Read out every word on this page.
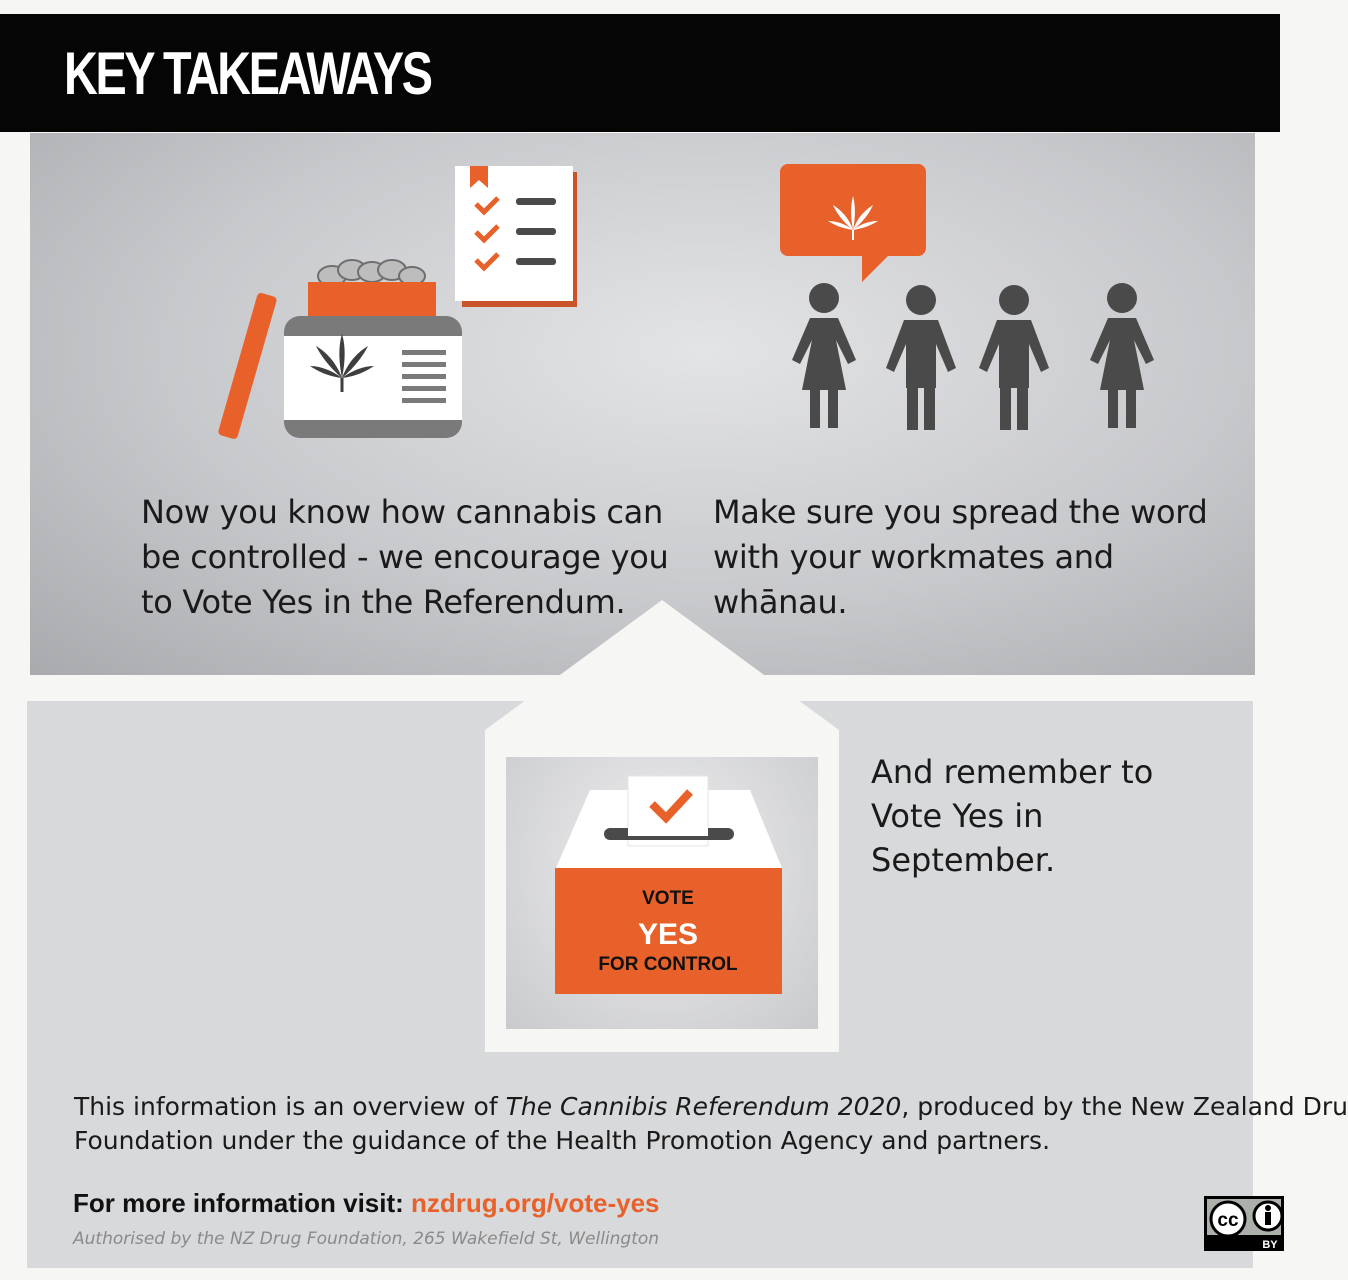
KEY TAKEAWAYS

Now you know how cannabis can be controlled - we encourage you to Vote Yes in the Referendum.

Make sure you spread the word with your workmates and whānau.

VOTE
YES
FOR CONTROL

And remember to Vote Yes in September.

This information is an overview of The Cannibis Referendum 2020, produced by the New Zealand Dru
Foundation under the guidance of the Health Promotion Agency and partners.
For more information visit: nzdrug.org/vote-yes
Authorised by the NZ Drug Foundation, 265 Wakefield St, Wellington
cc
BY
